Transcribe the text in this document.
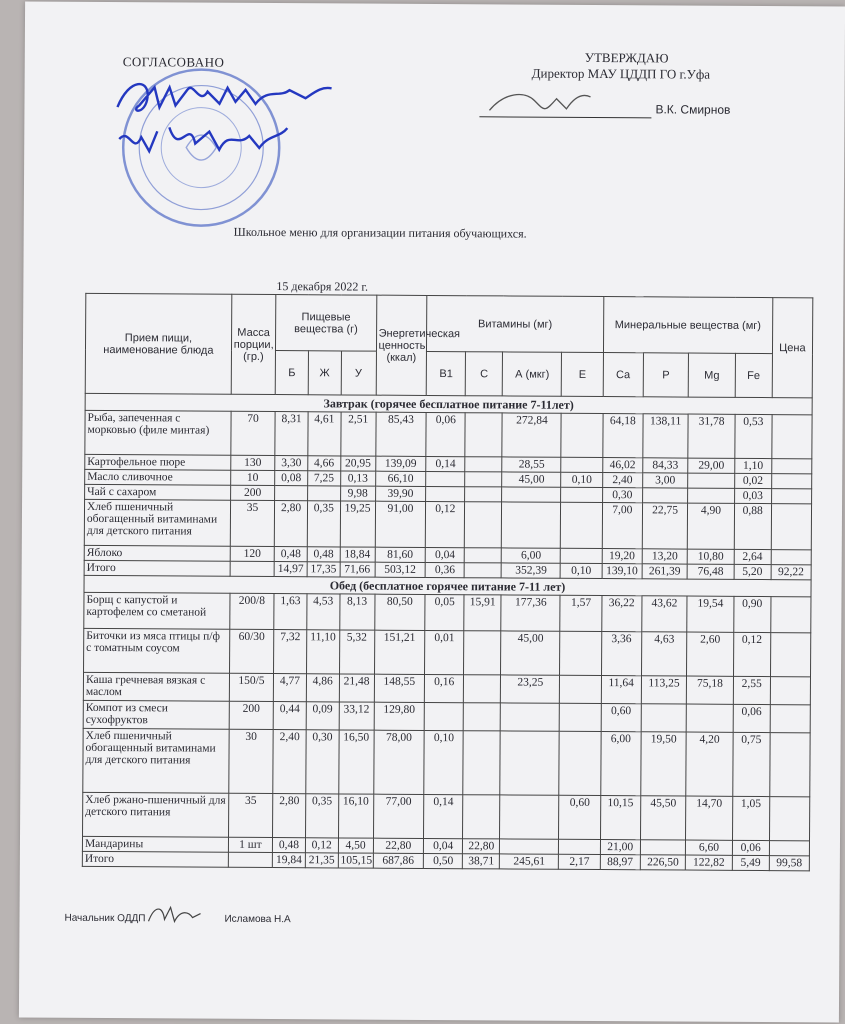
СОГЛАСОВАНО	УТВЕРЖДАЮ
Директор МАУ ЦДДП ГО г.Уфа
В.К. Смирнов
Школьное меню для организации питания обучающихся.
15 декабря 2022 г.
Прием пищи, наименование блюда	Масса порции, (гр.)	Пищевые вещества (г)			Энергетическая ценность (ккал)	Витамины (мг)				Минеральные вещества (мг)				Цена
		Б	Ж	У		В1	С	А (мкг)	Е	Са	Р	Mg	Fe	
Завтрак (горячее бесплатное питание 7-11лет)														
Рыба, запеченная с морковью (филе минтая)	70	8,31	4,61	2,51	85,43	0,06		272,84		64,18	138,11	31,78	0,53	
Картофельное пюре	130	3,30	4,66	20,95	139,09	0,14		28,55		46,02	84,33	29,00	1,10	
Масло сливочное	10	0,08	7,25	0,13	66,10			45,00	0,10	2,40	3,00		0,02	
Чай с сахаром	200			9,98	39,90					0,30			0,03	
Хлеб пшеничный обогащенный витаминами для детского питания	35	2,80	0,35	19,25	91,00	0,12				7,00	22,75	4,90	0,88	
Яблоко	120	0,48	0,48	18,84	81,60	0,04		6,00		19,20	13,20	10,80	2,64	
Итого		14,97	17,35	71,66	503,12	0,36		352,39	0,10	139,10	261,39	76,48	5,20	92,22
Обед (бесплатное горячее питание 7-11 лет)														
Борщ с капустой и картофелем со сметаной	200/8	1,63	4,53	8,13	80,50	0,05	15,91	177,36	1,57	36,22	43,62	19,54	0,90	
Биточки из мяса птицы п/ф с томатным соусом	60/30	7,32	11,10	5,32	151,21	0,01		45,00		3,36	4,63	2,60	0,12	
Каша гречневая вязкая с маслом	150/5	4,77	4,86	21,48	148,55	0,16		23,25		11,64	113,25	75,18	2,55	
Компот из смеси сухофруктов	200	0,44	0,09	33,12	129,80					0,60			0,06	
Хлеб пшеничный обогащенный витаминами для детского питания	30	2,40	0,30	16,50	78,00	0,10				6,00	19,50	4,20	0,75	
Хлеб ржано-пшеничный для детского питания	35	2,80	0,35	16,10	77,00	0,14			0,60	10,15	45,50	14,70	1,05	
Мандарины	1 шт	0,48	0,12	4,50	22,80	0,04	22,80			21,00		6,60	0,06	
Итого		19,84	21,35	105,15	687,86	0,50	38,71	245,61	2,17	88,97	226,50	122,82	5,49	99,58
Начальник ОДДП	Исламова Н.А
